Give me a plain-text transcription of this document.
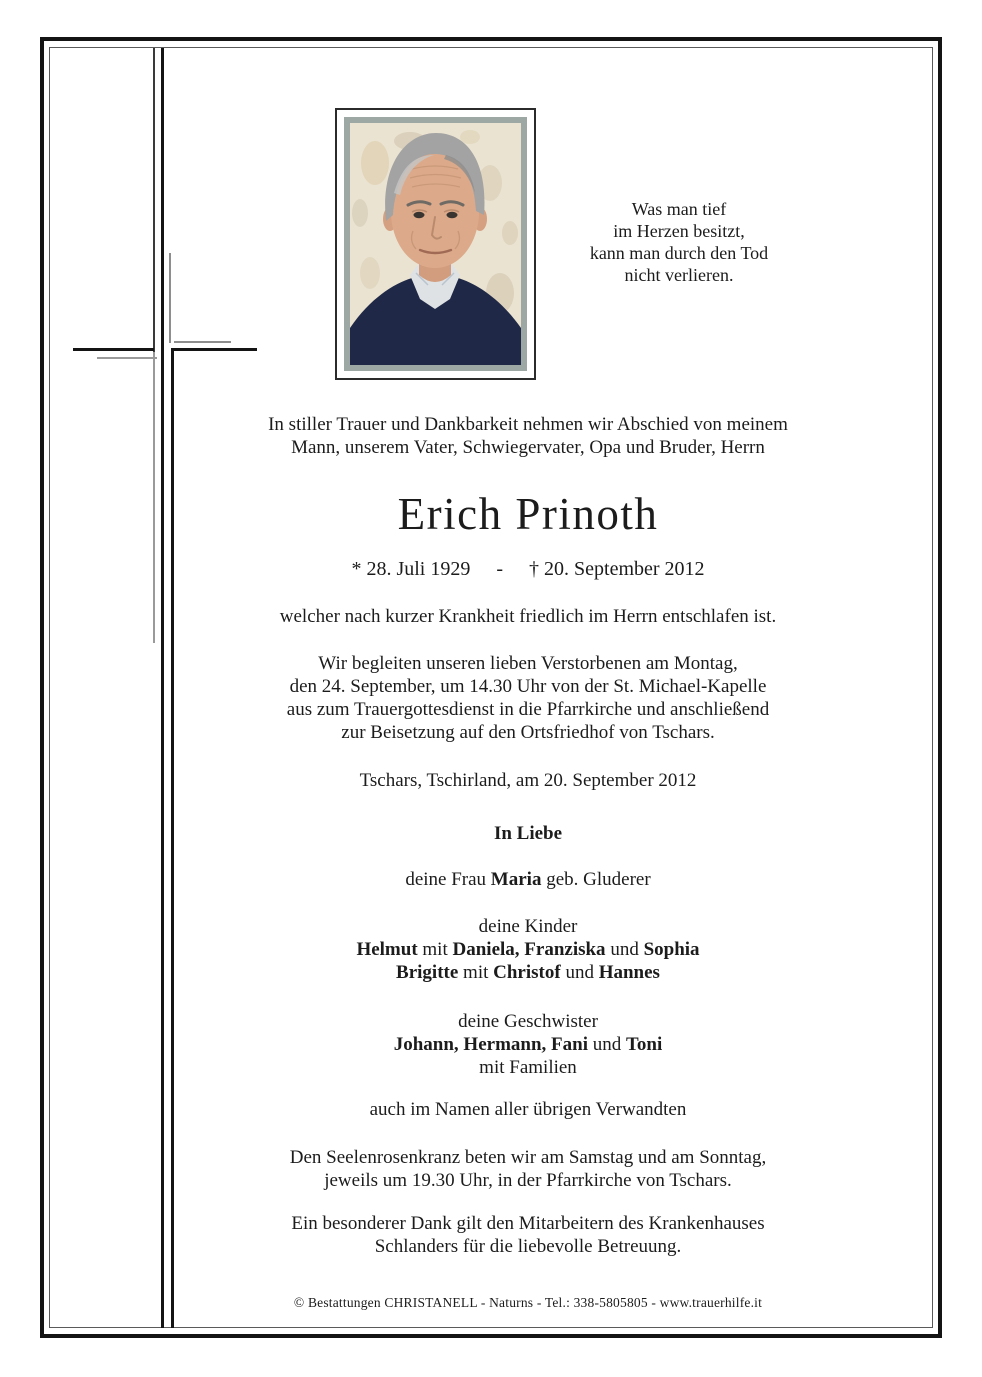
Was man tief
im Herzen besitzt,
kann man durch den Tod
nicht verlieren.
In stiller Trauer und Dankbarkeit nehmen wir Abschied von meinem
Mann, unserem Vater, Schwiegervater, Opa und Bruder, Herrn
Erich Prinoth
* 28. Juli 1929 - † 20. September 2012
welcher nach kurzer Krankheit friedlich im Herrn entschlafen ist.
Wir begleiten unseren lieben Verstorbenen am Montag,
den 24. September, um 14.30 Uhr von der St. Michael-Kapelle
aus zum Trauergottesdienst in die Pfarrkirche und anschließend
zur Beisetzung auf den Ortsfriedhof von Tschars.
Tschars, Tschirland, am 20. September 2012
In Liebe
deine Frau Maria geb. Gluderer
deine Kinder
Helmut mit Daniela, Franziska und Sophia
Brigitte mit Christof und Hannes
deine Geschwister
Johann, Hermann, Fani und Toni
mit Familien
auch im Namen aller übrigen Verwandten
Den Seelenrosenkranz beten wir am Samstag und am Sonntag,
jeweils um 19.30 Uhr, in der Pfarrkirche von Tschars.
Ein besonderer Dank gilt den Mitarbeitern des Krankenhauses
Schlanders für die liebevolle Betreuung.
© Bestattungen CHRISTANELL - Naturns - Tel.: 338-5805805 - www.trauerhilfe.it
